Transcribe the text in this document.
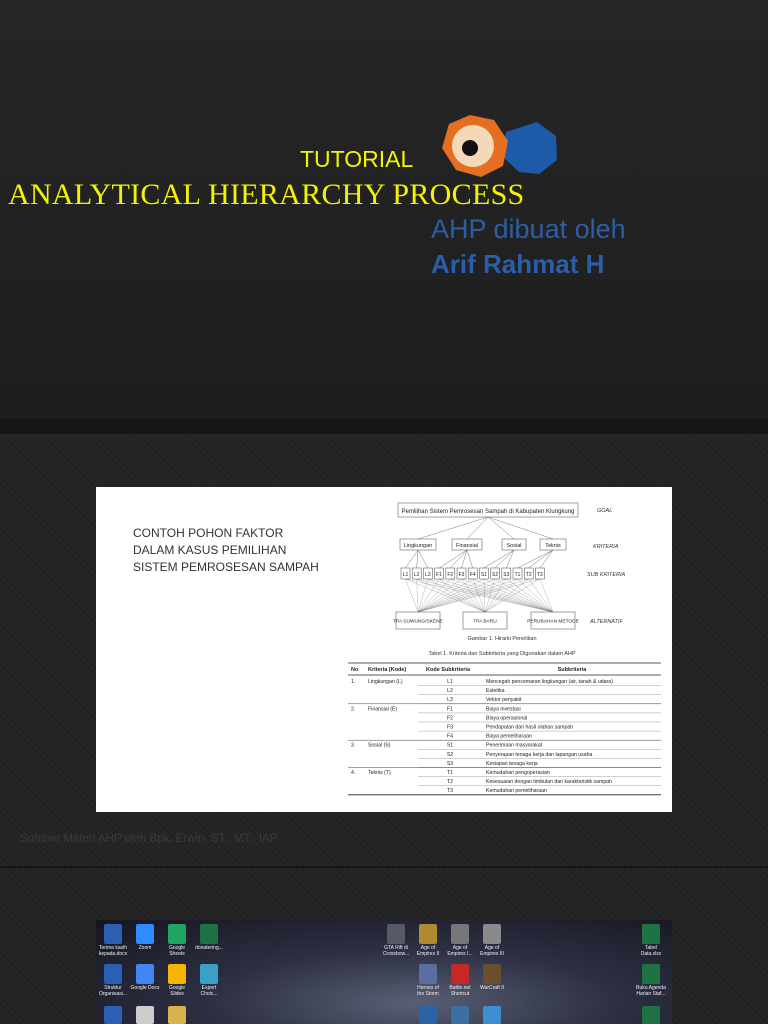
TUTORIAL
ANALYTICAL HIERARCHY PROCESS
AHP dibuat oleh
Arif Rahmat H
CONTOH POHON FAKTOR
DALAM KASUS PEMILIHAN
SISTEM PEMROSESAN SAMPAH
Pemilihan Sistem Pemrosesan Sampah di Kabupaten Klungkung	GOAL
KRITERIA
SUB KRITERIA
ALTERNATIF
Lingkungan	Finansial	Sosial	Teknis
L1 L2 L3 F1 F2 F3 F4 S1 S2 S3 T1 T2 T3
TPA SUWUNG/SKENE	TPA BARU	PERUBAHAN METODE
Gambar 1. Hirarki Penelitian
Tabel 1. Kriteria dan Subkriteria yang Digunakan dalam AHP
No Kriteria (Kode)	Kode Subkriteria	Subkriteria
1. Lingkungan (L)	L1	Mencegah pencemaran lingkungan (air, tanah & udara)
L2	Estetika
L3	Vektor penyakit
2. Finansial (E)	F1	Biaya investasi
F2	Biaya operasional
F3	Pendapatan dari hasil olahan sampah
F4	Biaya pemeliharaan
3. Sosial (S)	S1	Penerimaan masyarakat
S2	Penyerapan tenaga kerja dan lapangan usaha
S3	Kesiapan tenaga kerja
4. Teknis (T)	T1	Kemudahan pengoperasian
T2	Kesesuaian dengan timbulan dan karakteristik sampah
T3	Kemudahan pemeliharaan
Sumber Materi AHP oleh Bpk. Erwin, ST., MT., IAP
Terima kasih kepada.docx
Zoom	Google Sheets
donatering...
Struktur Organisasi...
Google Docs	Google Slides
Expert Choic...
GTA Rift di Crossbow...
Age of Empires II
Age of Empires I...
Age of Empires III
Heroes of the Storm
Battle.net Shortcut
WarCraft II
Tabel Data.xlsx
Buku Agenda Harian Staf...
